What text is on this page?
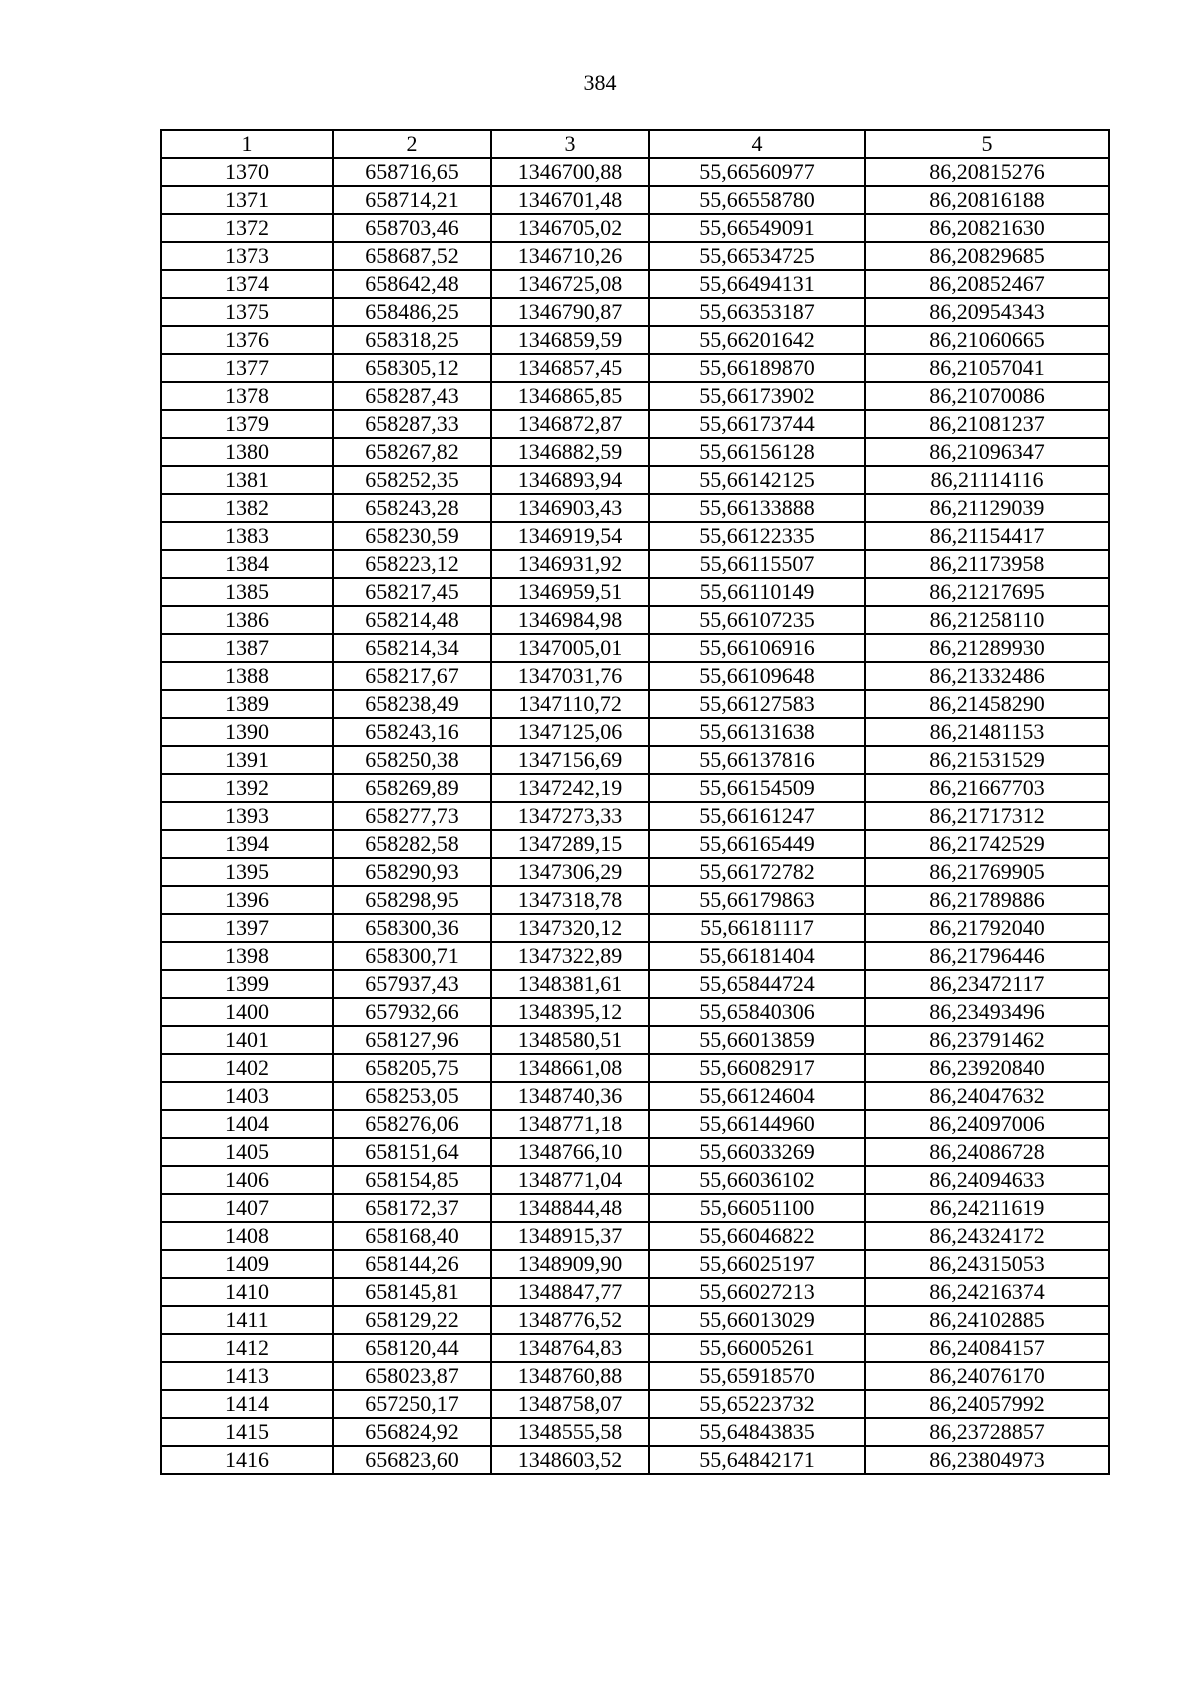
384
1	2	3	4	5
1370	658716,65	1346700,88	55,66560977	86,20815276
1371	658714,21	1346701,48	55,66558780	86,20816188
1372	658703,46	1346705,02	55,66549091	86,20821630
1373	658687,52	1346710,26	55,66534725	86,20829685
1374	658642,48	1346725,08	55,66494131	86,20852467
1375	658486,25	1346790,87	55,66353187	86,20954343
1376	658318,25	1346859,59	55,66201642	86,21060665
1377	658305,12	1346857,45	55,66189870	86,21057041
1378	658287,43	1346865,85	55,66173902	86,21070086
1379	658287,33	1346872,87	55,66173744	86,21081237
1380	658267,82	1346882,59	55,66156128	86,21096347
1381	658252,35	1346893,94	55,66142125	86,21114116
1382	658243,28	1346903,43	55,66133888	86,21129039
1383	658230,59	1346919,54	55,66122335	86,21154417
1384	658223,12	1346931,92	55,66115507	86,21173958
1385	658217,45	1346959,51	55,66110149	86,21217695
1386	658214,48	1346984,98	55,66107235	86,21258110
1387	658214,34	1347005,01	55,66106916	86,21289930
1388	658217,67	1347031,76	55,66109648	86,21332486
1389	658238,49	1347110,72	55,66127583	86,21458290
1390	658243,16	1347125,06	55,66131638	86,21481153
1391	658250,38	1347156,69	55,66137816	86,21531529
1392	658269,89	1347242,19	55,66154509	86,21667703
1393	658277,73	1347273,33	55,66161247	86,21717312
1394	658282,58	1347289,15	55,66165449	86,21742529
1395	658290,93	1347306,29	55,66172782	86,21769905
1396	658298,95	1347318,78	55,66179863	86,21789886
1397	658300,36	1347320,12	55,66181117	86,21792040
1398	658300,71	1347322,89	55,66181404	86,21796446
1399	657937,43	1348381,61	55,65844724	86,23472117
1400	657932,66	1348395,12	55,65840306	86,23493496
1401	658127,96	1348580,51	55,66013859	86,23791462
1402	658205,75	1348661,08	55,66082917	86,23920840
1403	658253,05	1348740,36	55,66124604	86,24047632
1404	658276,06	1348771,18	55,66144960	86,24097006
1405	658151,64	1348766,10	55,66033269	86,24086728
1406	658154,85	1348771,04	55,66036102	86,24094633
1407	658172,37	1348844,48	55,66051100	86,24211619
1408	658168,40	1348915,37	55,66046822	86,24324172
1409	658144,26	1348909,90	55,66025197	86,24315053
1410	658145,81	1348847,77	55,66027213	86,24216374
1411	658129,22	1348776,52	55,66013029	86,24102885
1412	658120,44	1348764,83	55,66005261	86,24084157
1413	658023,87	1348760,88	55,65918570	86,24076170
1414	657250,17	1348758,07	55,65223732	86,24057992
1415	656824,92	1348555,58	55,64843835	86,23728857
1416	656823,60	1348603,52	55,64842171	86,23804973
